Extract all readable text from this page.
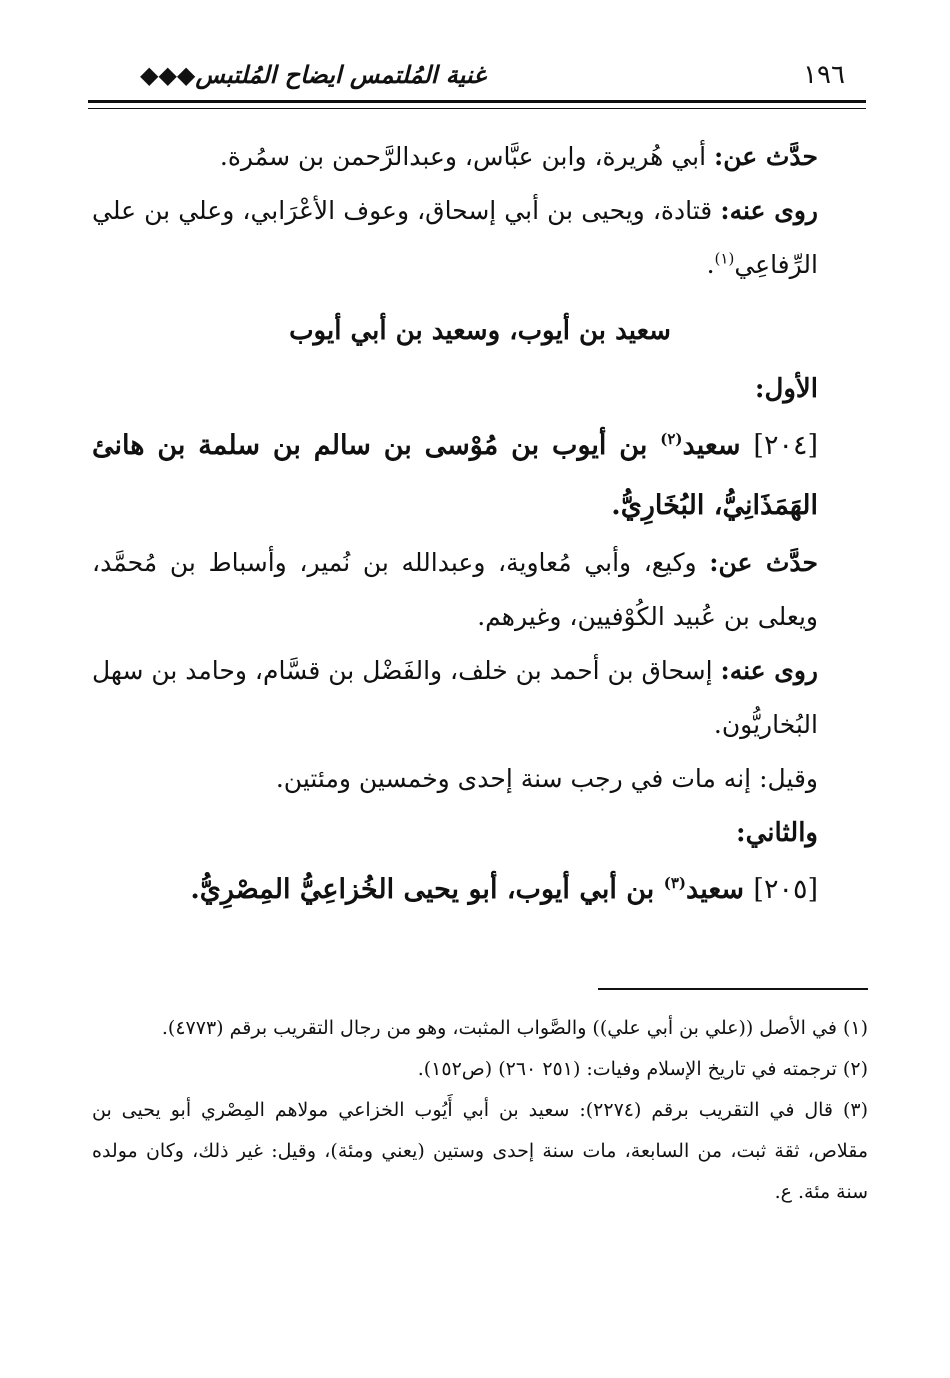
١٩٦
غنية المُلتمس ايضاح المُلتبس◆◆◆

حدَّث عن: أبي هُريرة، وابن عبَّاس، وعبدالرَّحمن بن سمُرة.

روى عنه: قتادة، ويحيى بن أبي إسحاق، وعوف الأعْرَابي، وعلي بن علي الرِّفاعِي$^{(١)}$.

سعيد بن أيوب، وسعيد بن أبي أيوب

الأول:

[٢٠٤] سعيد$^{(٢)}$ بن أيوب بن مُوْسى بن سالم بن سلمة بن هانئ الهَمَذَانِيُّ، البُخَارِيُّ.

حدَّث عن: وكيع، وأبي مُعاوية، وعبدالله بن نُمير، وأسباط بن مُحمَّد، ويعلى بن عُبيد الكُوْفيين، وغيرهم.

روى عنه: إسحاق بن أحمد بن خلف، والفَضْل بن قسَّام، وحامد بن سهل البُخاريُّون.

وقيل: إنه مات في رجب سنة إحدى وخمسين ومئتين.

والثاني:

[٢٠٥] سعيد$^{(٣)}$ بن أبي أيوب، أبو يحيى الخُزاعِيُّ المِصْرِيُّ.

(١) في الأصل ((علي بن أبي علي)) والصَّواب المثبت، وهو من رجال التقريب برقم (٤٧٧٣).

(٢) ترجمته في تاريخ الإسلام وفيات: (٢٥١ ٢٦٠) (ص١٥٢).

(٣) قال في التقريب برقم (٢٢٧٤): سعيد بن أبي أَيُوب الخزاعي مولاهم المِصْري أبو يحيى بن مقلاص، ثقة ثبت، من السابعة، مات سنة إحدى وستين (يعني ومئة)، وقيل: غير ذلك، وكان مولده سنة مئة. ع.
